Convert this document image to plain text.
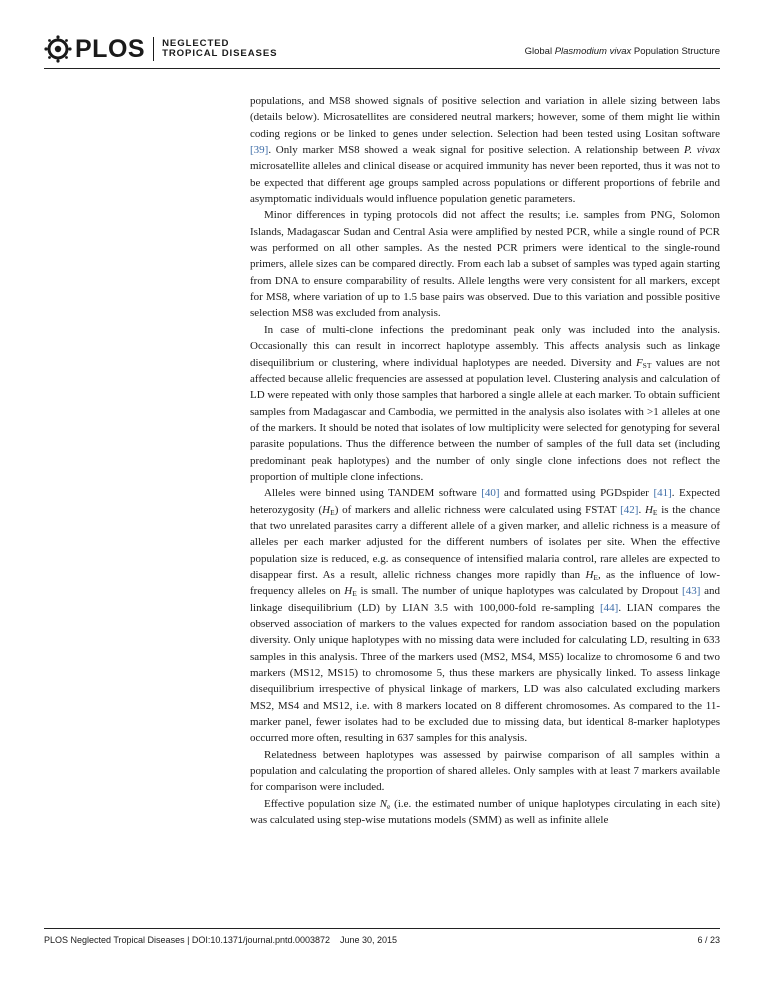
PLOS NEGLECTED
TROPICAL DISEASES	Global Plasmodium vivax Population Structure

populations, and MS8 showed signals of positive selection and variation in allele sizing between labs (details below). Microsatellites are considered neutral markers; however, some of them might lie within coding regions or be linked to genes under selection. Selection had been tested using Lositan software [39]. Only marker MS8 showed a weak signal for positive selection. A relationship between P. vivax microsatellite alleles and clinical disease or acquired immunity has never been reported, thus it was not to be expected that different age groups sampled across populations or different proportions of febrile and asymptomatic individuals would influence population genetic parameters.

Minor differences in typing protocols did not affect the results; i.e. samples from PNG, Solomon Islands, Madagascar Sudan and Central Asia were amplified by nested PCR, while a single round of PCR was performed on all other samples. As the nested PCR primers were identical to the single-round primers, allele sizes can be compared directly. From each lab a subset of samples was typed again starting from DNA to ensure comparability of results. Allele lengths were very consistent for all markers, except for MS8, where variation of up to 1.5 base pairs was observed. Due to this variation and possible positive selection MS8 was excluded from analysis.

In case of multi-clone infections the predominant peak only was included into the analysis. Occasionally this can result in incorrect haplotype assembly. This affects analysis such as linkage disequilibrium or clustering, where individual haplotypes are needed. Diversity and $F_{ST}$ values are not affected because allelic frequencies are assessed at population level. Clustering analysis and calculation of LD were repeated with only those samples that harbored a single allele at each marker. To obtain sufficient samples from Madagascar and Cambodia, we permitted in the analysis also isolates with >1 alleles at one of the markers. It should be noted that isolates of low multiplicity were selected for genotyping for several parasite populations. Thus the difference between the number of samples of the full data set (including predominant peak haplotypes) and the number of only single clone infections does not reflect the proportion of multiple clone infections.

Alleles were binned using TANDEM software [40] and formatted using PGDspider [41]. Expected heterozygosity $(H_E)$ of markers and allelic richness were calculated using FSTAT [42]. $H_E$ is the chance that two unrelated parasites carry a different allele of a given marker, and allelic richness is a measure of alleles per each marker adjusted for the different numbers of isolates per site. When the effective population size is reduced, e.g. as consequence of intensified malaria control, rare alleles are expected to disappear first. As a result, allelic richness changes more rapidly than $H_E$, as the influence of low-frequency alleles on $H_E$ is small. The number of unique haplotypes was calculated by Dropout [43] and linkage disequilibrium (LD) by LIAN 3.5 with 100,000-fold re-sampling [44]. LIAN compares the observed association of markers to the values expected for random association based on the population diversity. Only unique haplotypes with no missing data were included for calculating LD, resulting in 633 samples in this analysis. Three of the markers used (MS2, MS4, MS5) localize to chromosome 6 and two markers (MS12, MS15) to chromosome 5, thus these markers are physically linked. To assess linkage disequilibrium irrespective of physical linkage of markers, LD was also calculated excluding markers MS2, MS4 and MS12, i.e. with 8 markers located on 8 different chromosomes. As compared to the 11-marker panel, fewer isolates had to be excluded due to missing data, but identical 8-marker haplotypes occurred more often, resulting in 637 samples for this analysis.

Relatedness between haplotypes was assessed by pairwise comparison of all samples within a population and calculating the proportion of shared alleles. Only samples with at least 7 markers available for comparison were included.

Effective population size $N_e$ (i.e. the estimated number of unique haplotypes circulating in each site) was calculated using step-wise mutations models (SMM) as well as infinite allele

PLOS Neglected Tropical Diseases | DOI:10.1371/journal.pntd.0003872    June 30, 2015	6 / 23
